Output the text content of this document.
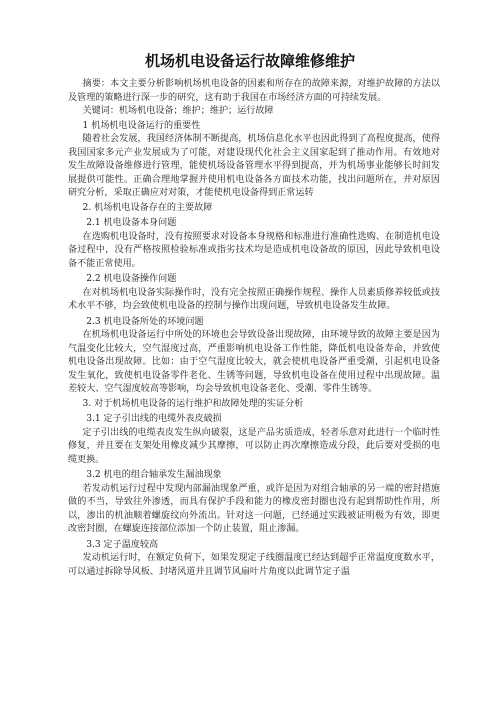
机场机电设备运行故障维修维护

摘要：本文主要分析影响机场机电设备的因素和所存在的故障来源，对维护故障的方法以及管理的策略进行深一步的研究，这有助于我国在市场经济方面的可持续发展。

关键词：机场机电设备；维护；维护；运行故障

1 机场机电设备运行的重要性

随着社会发展，我国经济体制不断提高，机场信息化水平也因此得到了高程度提高，使得我国国家多元产业发展成为了可能，对建设现代化社会主义国家起到了推动作用。有效地对发生故障设备维修进行管理，能使机场设备管理水平得到提高，并为机场事业能够长时间发展提供可能性。正确合理地掌握并使用机电设备各方面技术功能，找出问题所在，并对原因研究分析，采取正确应对对策，才能使机电设备得到正常运转

2. 机场机电设备存在的主要故障

2.1 机电设备本身问题

在选购机电设备时，没有按照要求对设备本身规格和标准进行准确性选购、在制造机电设备过程中，没有严格按照检验标准或指劣技术均是造成机电设备故的原因，因此导致机电设备不能正常使用。

2.2 机电设备操作问题

在对机场机电设备实际操作时，没有完全按照正确操作规程、操作人员素质修养较低或技术水平不够，均会致使机电设备的控制与操作出现问题，导致机电设备发生故障。

2.3 机电设备所处的环境问题

在机场机电设备运行中所处的环境也会导致设备出现故障，由环境导致的故障主要是因为气温变化比较大，空气湿度过高，严重影响机电设备工作性能，降低机电设备寿命，并致使机电设备出现故障。比如：由于空气湿度比较大，就会使机电设备严重受潮，引起机电设备发生氧化，致使机电设备零件老化、生锈等问题，导致机电设备在使用过程中出现故障。温差较大、空气湿度较高等影响，均会导致机电设备老化、受潮、零件生锈等。

3. 对于机场机电设备的运行维护和故障处理的实证分析

3.1 定子引出线的电缆外表皮破损

定子引出线的电缆表皮发生纵向破裂，这是产品劣质造成，轻者乐意对此进行一个临时性修复，并且要在支架处用橡皮减少其摩擦，可以防止再次摩擦造成分段，此后要对受损的电缆更换。

3.2 机电的组合轴承发生漏油现象

若发动机运行过程中发现内部漏油现象严重，或许是因为对组合轴承的另一端的密封措施做的不当，导致往外渗透，而具有保护手段和能力的橡皮密封圈也没有起到帮助性作用，所以，渗出的机油顺着螺旋纹向外流出。针对这一问题，已经通过实践被证明极为有效，即更改密封圈，在螺旋连接部位添加一个防止装置，阻止渗漏。

3.3 定子温度较高

发动机运行时，在额定负荷下，如果发现定子线圈温度已经达到超乎正常温度度数水平，可以通过拆除导风板、封堵风道并且调节风扇叶片角度以此调节定子温
